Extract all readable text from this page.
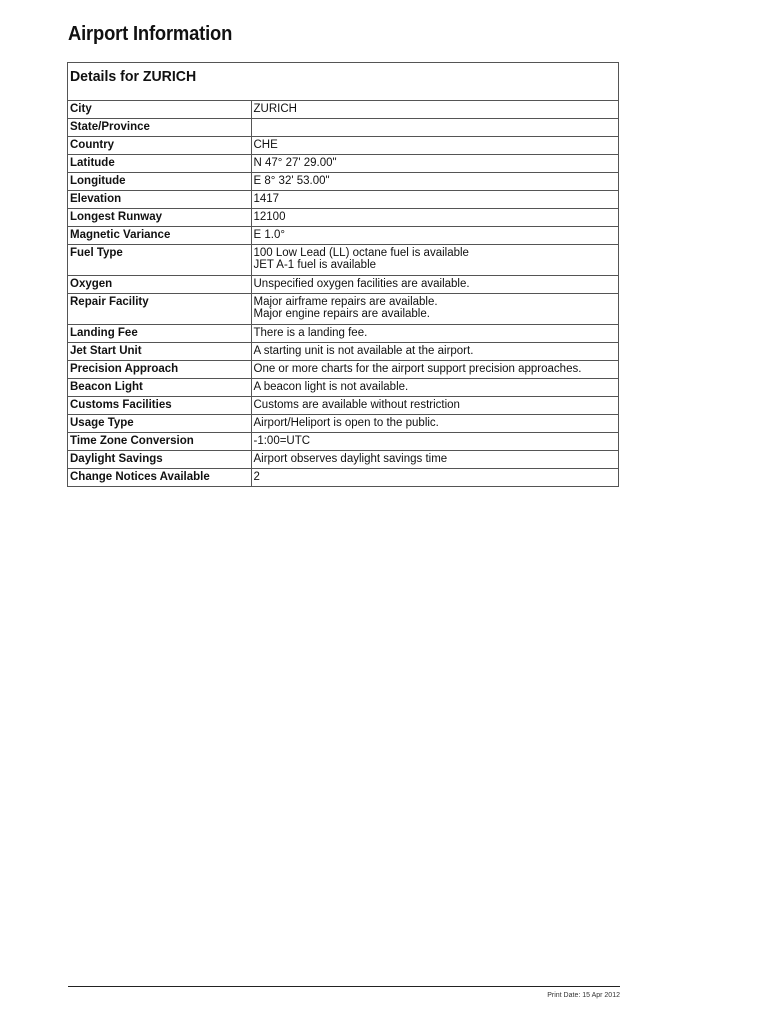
Airport Information
Details for ZURICH
City	ZURICH
State/Province	
Country	CHE
Latitude	N 47° 27' 29.00"
Longitude	E 8° 32' 53.00"
Elevation	1417
Longest Runway	12100
Magnetic Variance	E 1.0°
Fuel Type	100 Low Lead (LL) octane fuel is available
JET A-1 fuel is available
Oxygen	Unspecified oxygen facilities are available.
Repair Facility	Major airframe repairs are available.
Major engine repairs are available.
Landing Fee	There is a landing fee.
Jet Start Unit	A starting unit is not available at the airport.
Precision Approach	One or more charts for the airport support precision approaches.
Beacon Light	A beacon light is not available.
Customs Facilities	Customs are available without restriction
Usage Type	Airport/Heliport is open to the public.
Time Zone Conversion	-1:00=UTC
Daylight Savings	Airport observes daylight savings time
Change Notices Available	2
Print Date: 15 Apr 2012
